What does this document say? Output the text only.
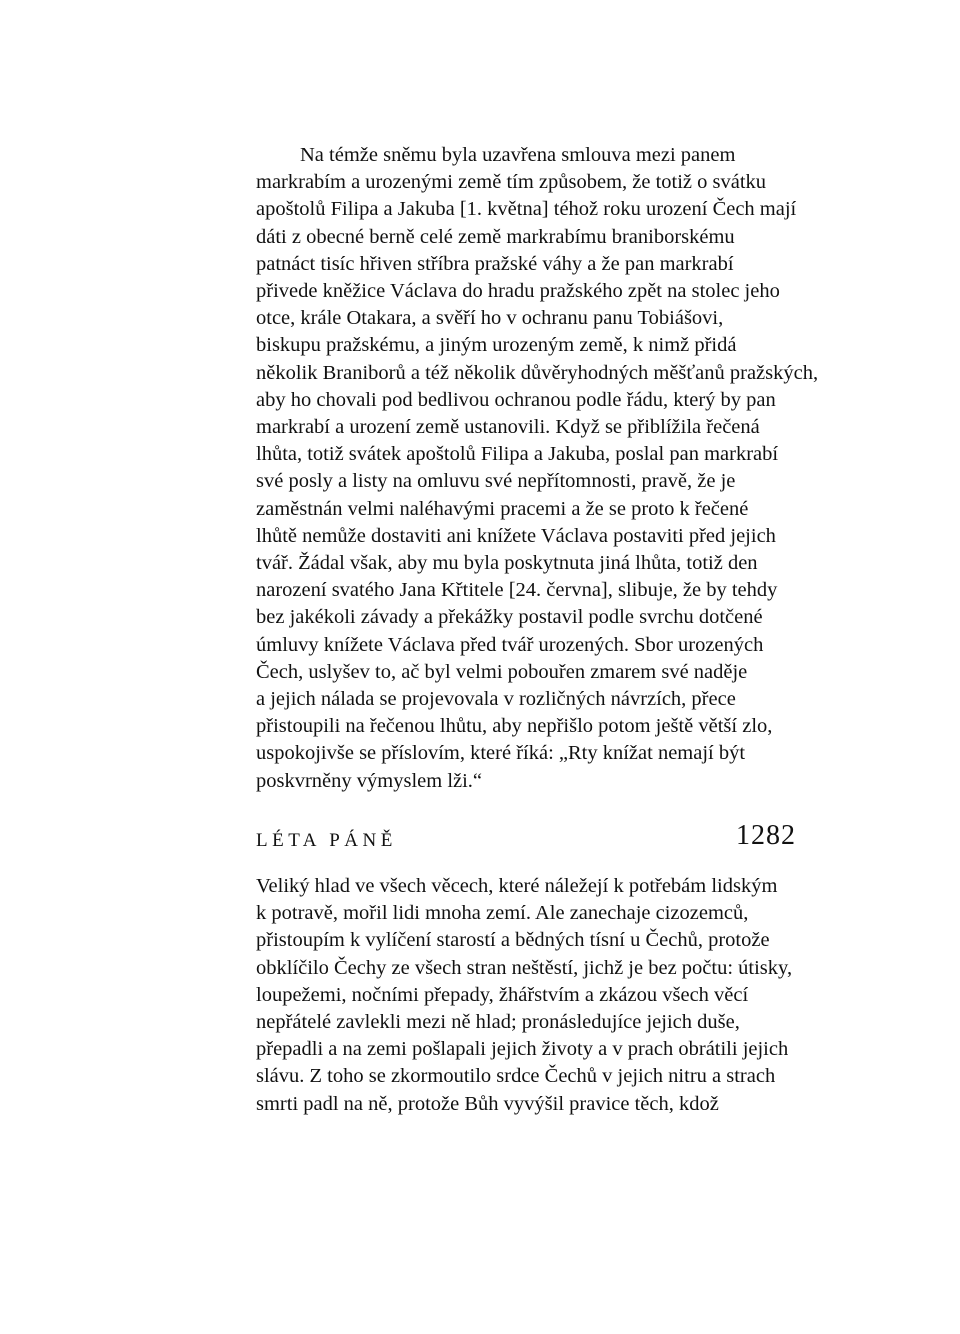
Na témže sněmu byla uzavřena smlouva mezi panem
markrabím a urozenými země tím způsobem, že totiž o svátku
apoštolů Filipa a Jakuba [1. května] téhož roku urození Čech mají
dáti z obecné berně celé země markrabímu braniborskému
patnáct tisíc hřiven stříbra pražské váhy a že pan markrabí
přivede kněžice Václava do hradu pražského zpět na stolec jeho
otce, krále Otakara, a svěří ho v ochranu panu Tobiášovi,
biskupu pražskému, a jiným urozeným země, k nimž přidá
několik Braniborů a též několik důvěryhodných měšťanů pražských,
aby ho chovali pod bedlivou ochranou podle řádu, který by pan
markrabí a urození země ustanovili. Když se přiblížila řečená
lhůta, totiž svátek apoštolů Filipa a Jakuba, poslal pan markrabí
své posly a listy na omluvu své nepřítomnosti, pravě, že je
zaměstnán velmi naléhavými pracemi a že se proto k řečené
lhůtě nemůže dostaviti ani knížete Václava postaviti před jejich
tvář. Žádal však, aby mu byla poskytnuta jiná lhůta, totiž den
narození svatého Jana Křtitele [24. června], slibuje, že by tehdy
bez jakékoli závady a překážky postavil podle svrchu dotčené
úmluvy knížete Václava před tvář urozených. Sbor urozených
Čech, uslyšev to, ač byl velmi pobouřen zmarem své naděje
a jejich nálada se projevovala v rozličných návrzích, přece
přistoupili na řečenou lhůtu, aby nepřišlo potom ještě větší zlo,
uspokojivše se příslovím, které říká: „Rty knížat nemají být
poskvrněny výmyslem lži.“
LÉTA PÁNĚ	1282
Veliký hlad ve všech věcech, které náležejí k potřebám lidským
k potravě, mořil lidi mnoha zemí. Ale zanechaje cizozemců,
přistoupím k vylíčení starostí a bědných tísní u Čechů, protože
obklíčilo Čechy ze všech stran neštěstí, jichž je bez počtu: útisky,
loupežemi, nočními přepady, žhářstvím a zkázou všech věcí
nepřátelé zavlekli mezi ně hlad; pronásledujíce jejich duše,
přepadli a na zemi pošlapali jejich životy a v prach obrátili jejich
slávu. Z toho se zkormoutilo srdce Čechů v jejich nitru a strach
smrti padl na ně, protože Bůh vyvýšil pravice těch, kdož
